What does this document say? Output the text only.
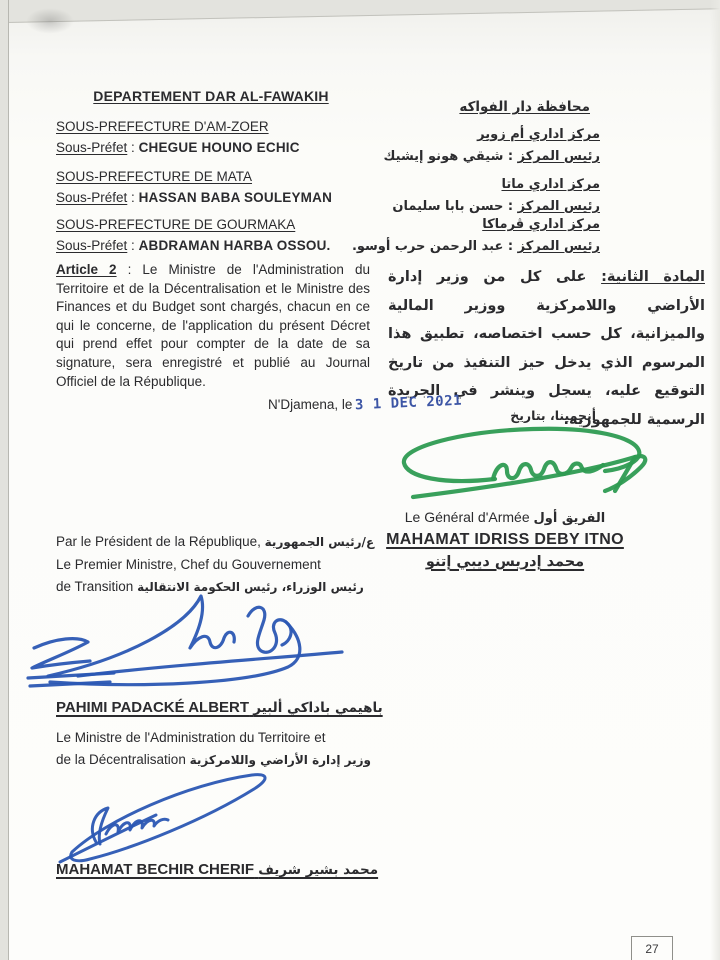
DEPARTEMENT DAR AL-FAWAKIH
SOUS-PREFECTURE D'AM-ZOER
Sous-Préfet : CHEGUE HOUNO ECHIC
SOUS-PREFECTURE DE MATA
Sous-Préfet : HASSAN BABA SOULEYMAN
SOUS-PREFECTURE DE GOURMAKA
Sous-Préfet : ABDRAMAN HARBA OSSOU.
محافظة دار الفواكه
مركز اداري أم زوير
رئيس المركز : شيقي هونو إيشيك
مركز اداري ماتا
رئيس المركز : حسن بابا سليمان
مركز اداري ڤرماكا
رئيس المركز : عبد الرحمن حرب أوسو.
Article 2 : Le Ministre de l'Administration du Territoire et de la Décentralisation et le Ministre des Finances et du Budget sont chargés, chacun en ce qui le concerne, de l'application du présent Décret qui prend effet pour compter de la date de sa signature, sera enregistré et publié au Journal Officiel de la République.
المادة الثانية: على كل من وزير إدارة الأراضي واللامركزية ووزير المالية والميزانية، كل حسب اختصاصه، تطبيق هذا المرسوم الذي يدخل حيز التنفيذ من تاريخ التوقيع عليه، يسجل وينشر في الجريدة الرسمية للجمهورية.
N'Djamena, le 3 1 DEC 2021
أنجمينا، بتاريخ
Le Général d'Armée الفريق أول
MAHAMAT IDRISS DEBY ITNO
محمد إدريس ديبي إتنو
Par le Président de la République, ع/رئيس الجمهورية
Le Premier Ministre, Chef du Gouvernement
de Transition رئيس الوزراء، رئيس الحكومة الانتقالية
PAHIMI PADACKÉ ALBERT باهيمي باداكي ألبير
Le Ministre de l'Administration du Territoire et
de la Décentralisation وزير إدارة الأراضي واللامركزية
MAHAMAT BECHIR CHERIF محمد بشير شريف
27
